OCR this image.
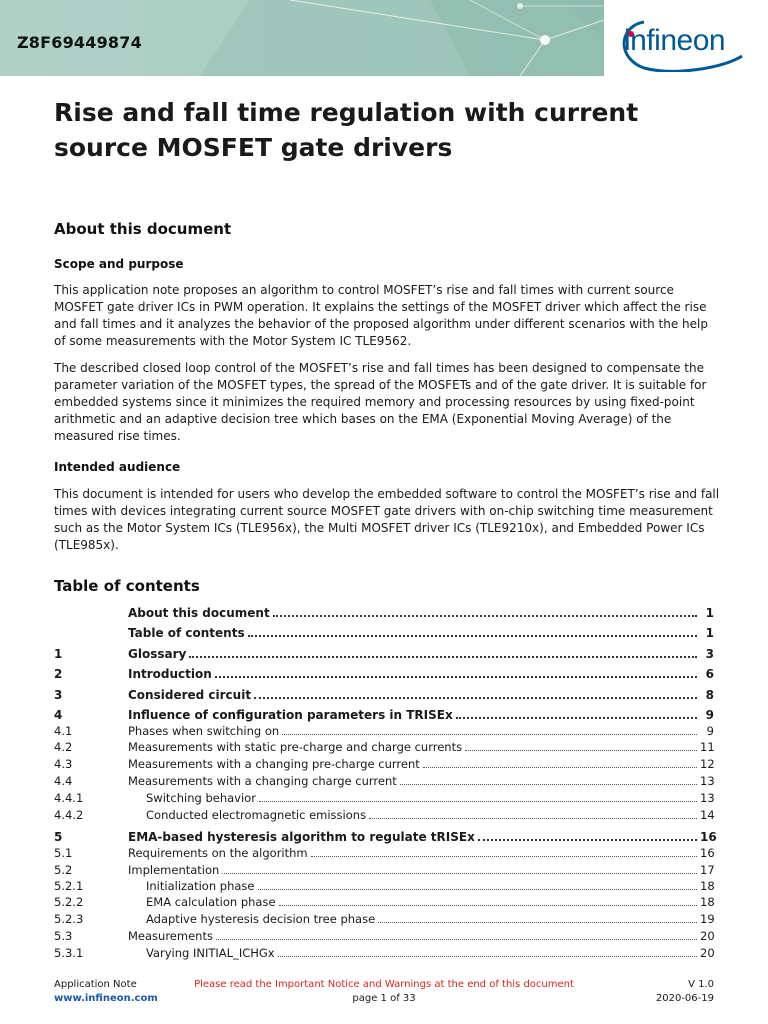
Z8F69449874	infineon
Rise and fall time regulation with current
source MOSFET gate drivers
About this document
Scope and purpose

This application note proposes an algorithm to control MOSFET’s rise and fall times with current source MOSFET gate driver ICs in PWM operation. It explains the settings of the MOSFET driver which affect the rise and fall times and it analyzes the behavior of the proposed algorithm under different scenarios with the help of some measurements with the Motor System IC TLE9562.

The described closed loop control of the MOSFET’s rise and fall times has been designed to compensate the parameter variation of the MOSFET types, the spread of the MOSFETs and of the gate driver. It is suitable for embedded systems since it minimizes the required memory and processing resources by using fixed-point arithmetic and an adaptive decision tree which bases on the EMA (Exponential Moving Average) of the measured rise times.

Intended audience

This document is intended for users who develop the embedded software to control the MOSFET’s rise and fall times with devices integrating current source MOSFET gate drivers with on-chip switching time measurement such as the Motor System ICs (TLE956x), the Multi MOSFET driver ICs (TLE9210x), and Embedded Power ICs (TLE985x).

Table of contents
About this document	1
Table of contents	1
1	Glossary	3
2	Introduction	6
3	Considered circuit	8
4	Influence of configuration parameters in TRISEx	9
4.1	Phases when switching on	9
4.2	Measurements with static pre-charge and charge currents	11
4.3	Measurements with a changing pre-charge current	12
4.4	Measurements with a changing charge current	13
4.4.1	Switching behavior	13
4.4.2	Conducted electromagnetic emissions	14
5	EMA-based hysteresis algorithm to regulate tRISEx	16
5.1	Requirements on the algorithm	16
5.2	Implementation	17
5.2.1	Initialization phase	18
5.2.2	EMA calculation phase	18
5.2.3	Adaptive hysteresis decision tree phase	19
5.3	Measurements	20
5.3.1	Varying INITIAL_ICHGx	20
Application Note
www.infineon.com
Please read the Important Notice and Warnings at the end of this document
page 1 of 33
V 1.0
2020-06-19
